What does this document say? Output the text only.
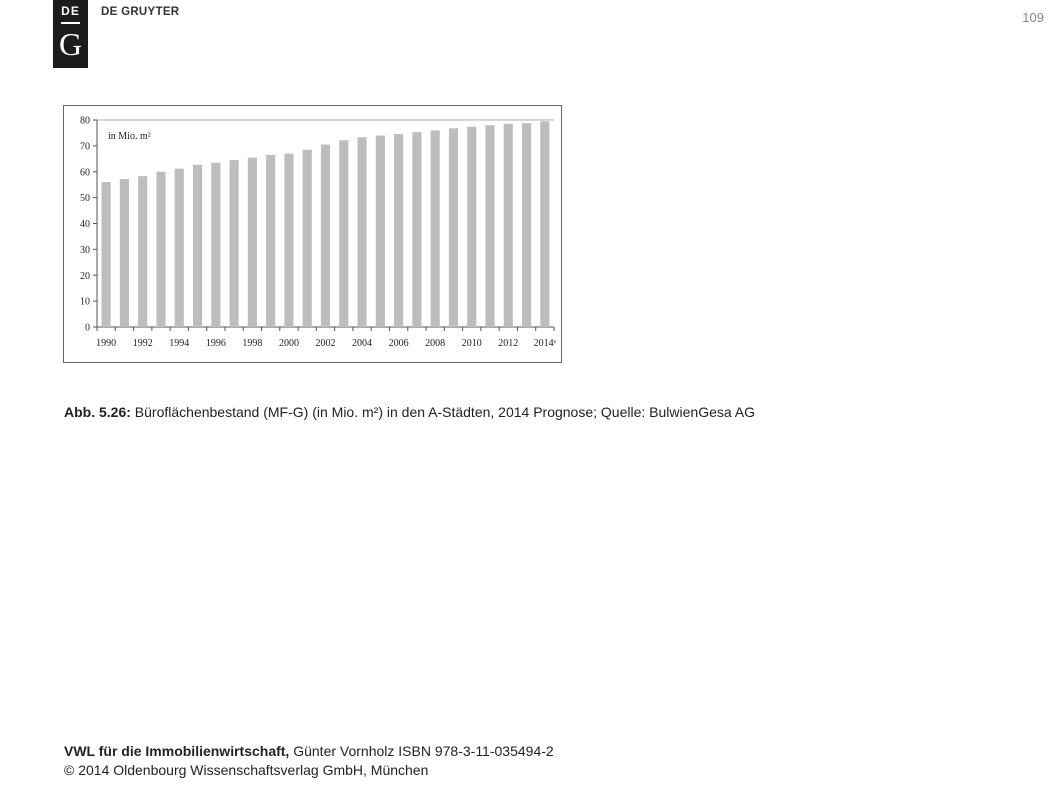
DE
G
DE GRUYTER	109
0
10
20
30
40
50
60
70
80
1990 1992 1994 1996 1998 2000 2002 2004 2006 2008 2010 2012 2014ᵉ
in Mio. m²
Abb. 5.26: Büroflächenbestand (MF-G) (in Mio. m²) in den A-Städten, 2014 Prognose; Quelle: BulwienGesa AG
VWL für die Immobilienwirtschaft, Günter Vornholz ISBN 978-3-11-035494-2
© 2014 Oldenbourg Wissenschaftsverlag GmbH, München
